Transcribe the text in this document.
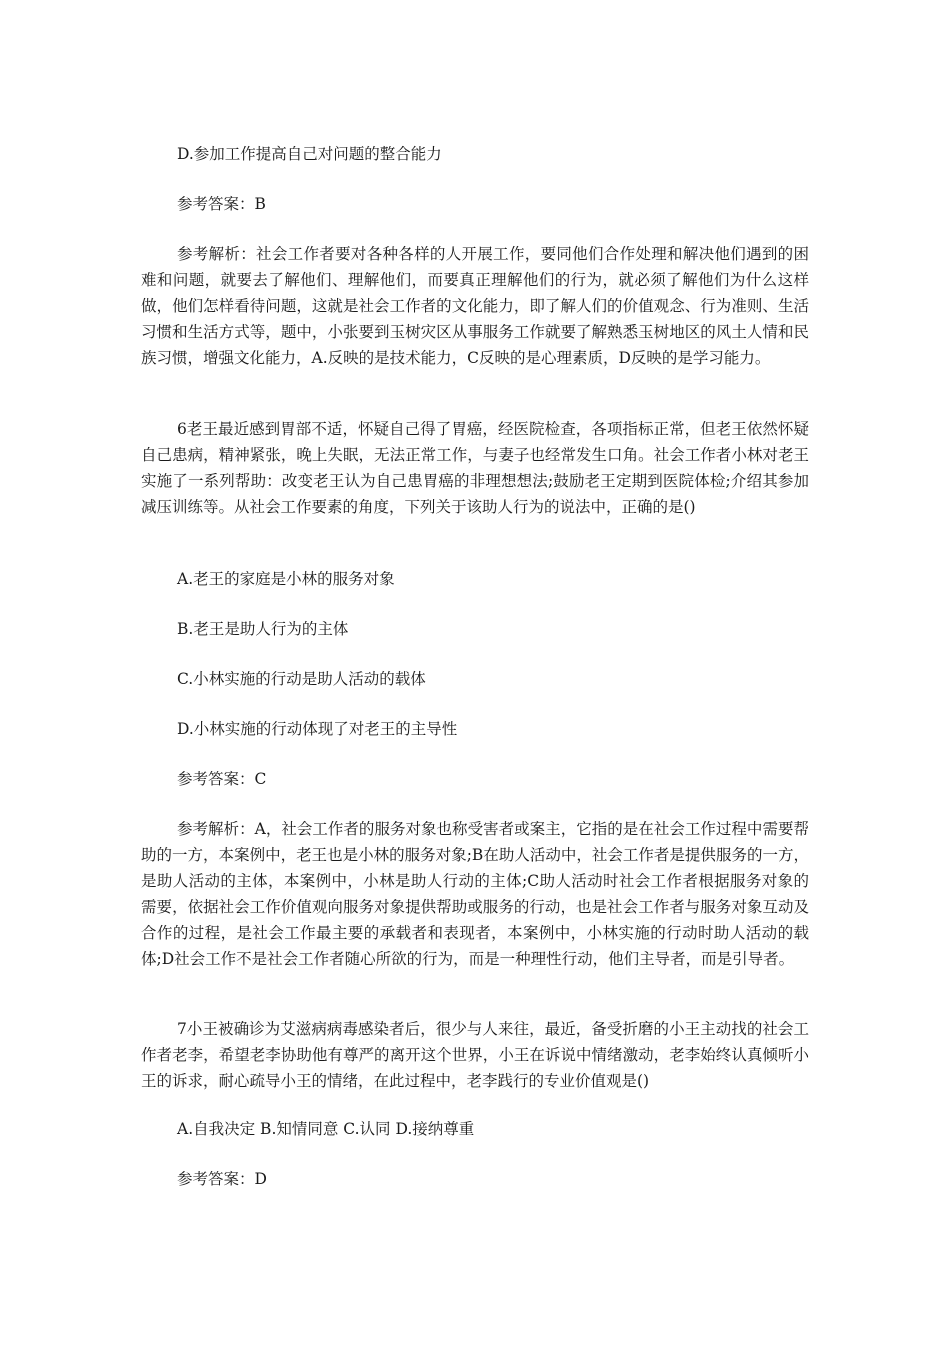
D.参加工作提高自己对问题的整合能力

参考答案：B

参考解析：社会工作者要对各种各样的人开展工作，要同他们合作处理和解决他们遇到的困难和问题，就要去了解他们、理解他们，而要真正理解他们的行为，就必须了解他们为什么这样做，他们怎样看待问题，这就是社会工作者的文化能力，即了解人们的价值观念、行为准则、生活习惯和生活方式等，题中，小张要到玉树灾区从事服务工作就要了解熟悉玉树地区的风土人情和民族习惯，增强文化能力，A.反映的是技术能力，C反映的是心理素质，D反映的是学习能力。

6老王最近感到胃部不适，怀疑自己得了胃癌，经医院检查，各项指标正常，但老王依然怀疑自己患病，精神紧张，晚上失眠，无法正常工作，与妻子也经常发生口角。社会工作者小林对老王实施了一系列帮助：改变老王认为自己患胃癌的非理想想法;鼓励老王定期到医院体检;介绍其参加减压训练等。从社会工作要素的角度，下列关于该助人行为的说法中，正确的是()

A.老王的家庭是小林的服务对象

B.老王是助人行为的主体

C.小林实施的行动是助人活动的载体

D.小林实施的行动体现了对老王的主导性

参考答案：C

参考解析：A，社会工作者的服务对象也称受害者或案主，它指的是在社会工作过程中需要帮助的一方，本案例中，老王也是小林的服务对象;B在助人活动中，社会工作者是提供服务的一方，是助人活动的主体，本案例中，小林是助人行动的主体;C助人活动时社会工作者根据服务对象的需要，依据社会工作价值观向服务对象提供帮助或服务的行动，也是社会工作者与服务对象互动及合作的过程，是社会工作最主要的承载者和表现者，本案例中，小林实施的行动时助人活动的载体;D社会工作不是社会工作者随心所欲的行为，而是一种理性行动，他们主导者，而是引导者。

7小王被确诊为艾滋病病毒感染者后，很少与人来往，最近，备受折磨的小王主动找的社会工作者老李，希望老李协助他有尊严的离开这个世界，小王在诉说中情绪激动，老李始终认真倾听小王的诉求，耐心疏导小王的情绪，在此过程中，老李践行的专业价值观是()

A.自我决定 B.知情同意 C.认同 D.接纳尊重

参考答案：D
